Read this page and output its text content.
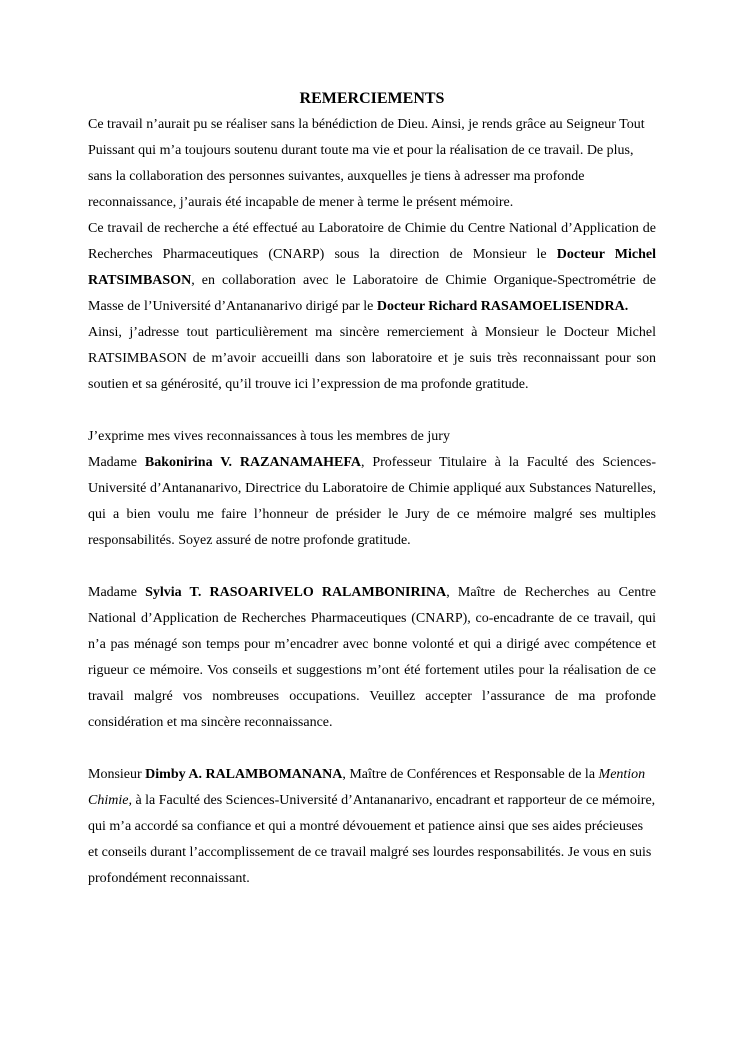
REMERCIEMENTS

Ce travail n’aurait pu se réaliser sans la bénédiction de Dieu. Ainsi, je rends grâce au Seigneur Tout Puissant qui m’a toujours soutenu durant toute ma vie et pour la réalisation de ce travail. De plus, sans la collaboration des personnes suivantes, auxquelles je tiens à adresser ma profonde reconnaissance, j’aurais été incapable de mener à terme le présent mémoire.

Ce travail de recherche a été effectué au Laboratoire de Chimie du Centre National d’Application de Recherches Pharmaceutiques (CNARP) sous la direction de Monsieur le Docteur Michel RATSIMBASON, en collaboration avec le Laboratoire de Chimie Organique-Spectrométrie de Masse de l’Université d’Antananarivo dirigé par le Docteur Richard RASAMOELISENDRA.

Ainsi, j’adresse tout particulièrement ma sincère remerciement à Monsieur le Docteur Michel RATSIMBASON de m’avoir accueilli dans son laboratoire et je suis très reconnaissant pour son soutien et sa générosité, qu’il trouve ici l’expression de ma profonde gratitude.

J’exprime mes vives reconnaissances à tous les membres de jury

Madame Bakonirina V. RAZANAMAHEFA, Professeur Titulaire à la Faculté des Sciences-Université d’Antananarivo, Directrice du Laboratoire de Chimie appliqué aux Substances Naturelles, qui a bien voulu me faire l’honneur de présider le Jury de ce mémoire malgré ses multiples responsabilités. Soyez assuré de notre profonde gratitude.

Madame Sylvia T. RASOARIVELO RALAMBONIRINA, Maître de Recherches au Centre National d’Application de Recherches Pharmaceutiques (CNARP), co-encadrante de ce travail, qui n’a pas ménagé son temps pour m’encadrer avec bonne volonté et qui a dirigé avec compétence et rigueur ce mémoire. Vos conseils et suggestions m’ont été fortement utiles pour la réalisation de ce travail malgré vos nombreuses occupations. Veuillez accepter l’assurance de ma profonde considération et ma sincère reconnaissance.

Monsieur Dimby A. RALAMBOMANANA, Maître de Conférences et Responsable de la Mention Chimie, à la Faculté des Sciences-Université d’Antananarivo, encadrant et rapporteur de ce mémoire, qui m’a accordé sa confiance et qui a montré dévouement et patience ainsi que ses aides précieuses et conseils durant l’accomplissement de ce travail malgré ses lourdes responsabilités. Je vous en suis profondément reconnaissant.
